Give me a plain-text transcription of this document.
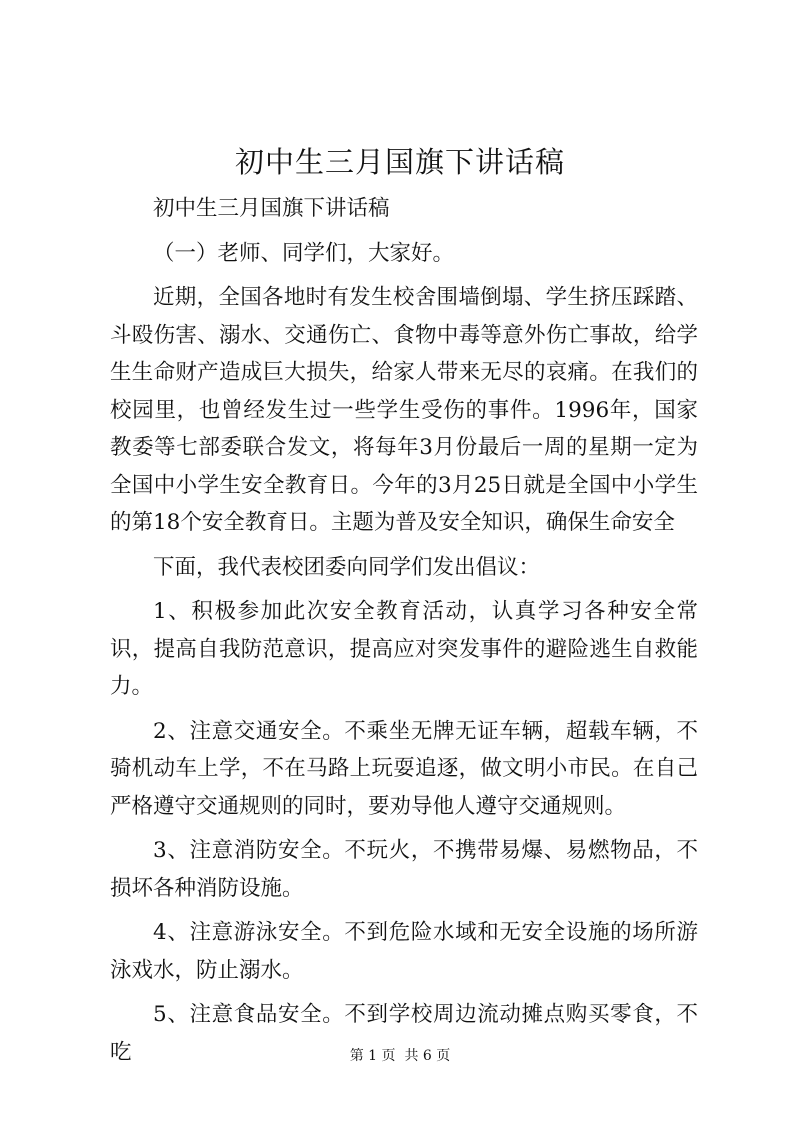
初中生三月国旗下讲话稿

初中生三月国旗下讲话稿

（一）老师、同学们，大家好。

近期，全国各地时有发生校舍围墙倒塌、学生挤压踩踏、斗殴伤害、溺水、交通伤亡、食物中毒等意外伤亡事故，给学生生命财产造成巨大损失，给家人带来无尽的哀痛。在我们的校园里，也曾经发生过一些学生受伤的事件。1996年，国家教委等七部委联合发文，将每年3月份最后一周的星期一定为全国中小学生安全教育日。今年的3月25日就是全国中小学生的第18个安全教育日。主题为普及安全知识，确保生命安全

下面，我代表校团委向同学们发出倡议：

1、积极参加此次安全教育活动，认真学习各种安全常识，提高自我防范意识，提高应对突发事件的避险逃生自救能力。

2、注意交通安全。不乘坐无牌无证车辆，超载车辆，不骑机动车上学，不在马路上玩耍追逐，做文明小市民。在自己严格遵守交通规则的同时，要劝导他人遵守交通规则。

3、注意消防安全。不玩火，不携带易爆、易燃物品，不损坏各种消防设施。

4、注意游泳安全。不到危险水域和无安全设施的场所游泳戏水，防止溺水。

5、注意食品安全。不到学校周边流动摊点购买零食，不吃	第 1 页  共 6 页
